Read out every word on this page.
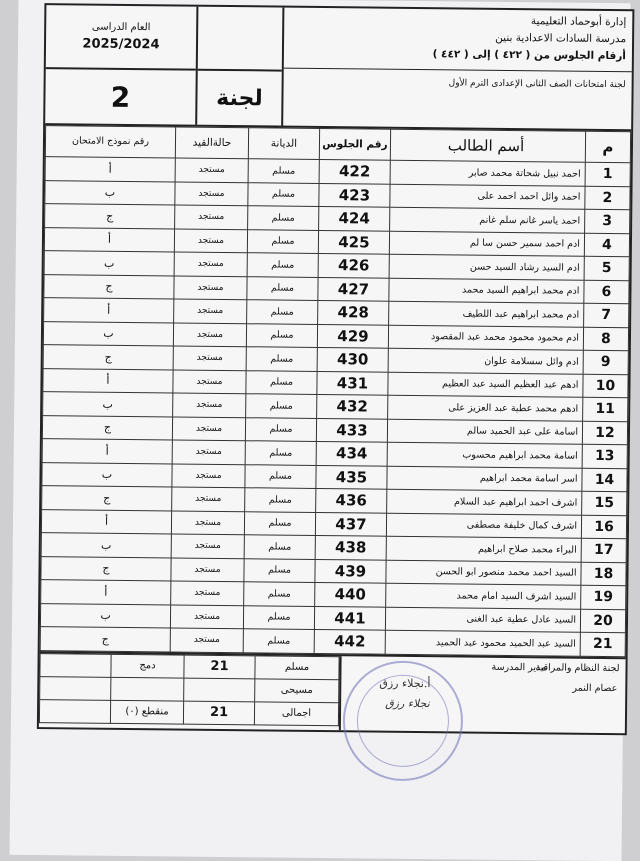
العام الدراسى
2025/2024
2	لجنة
إدارة أبوحماد التعليمية
مدرسة السادات الاعدادية بنين
أرقام الجلوس من ( ٤٢٢ ) إلى ( ٤٤٢ )
لجنة امتحانات الصف الثانى الإعدادى الترم الأول
رقم نموذج الامتحان	حالةالقيد	الديانة	رقم الجلوس	أسم الطالب	م
أ	مستجد	مسلم	422	احمد نبيل شحاتة محمد صابر	1
ب	مستجد	مسلم	423	احمد وائل احمد احمد على	2
ج	مستجد	مسلم	424	احمد ياسر غانم سلم غانم	3
أ	مستجد	مسلم	425	ادم احمد سمير حسن سا لم	4
ب	مستجد	مسلم	426	ادم السيد رشاد السيد حسن	5
ج	مستجد	مسلم	427	ادم محمد ابراهيم السيد محمد	6
أ	مستجد	مسلم	428	ادم محمد ابراهيم عبد اللطيف	7
ب	مستجد	مسلم	429	ادم محمود محمود محمد عبد المقصود	8
ج	مستجد	مسلم	430	ادم وائل سسلامة علوان	9
أ	مستجد	مسلم	431	ادهم عبد العظيم السيد عبد العظيم	10
ب	مستجد	مسلم	432	ادهم محمد عطية عبد العزيز على	11
ج	مستجد	مسلم	433	اسامة على عبد الحميد سالم	12
أ	مستجد	مسلم	434	اسامة محمد ابراهيم محسوب	13
ب	مستجد	مسلم	435	اسر اسامة محمد ابراهيم	14
ج	مستجد	مسلم	436	اشرف احمد ابراهيم عبد السلام	15
أ	مستجد	مسلم	437	اشرف كمال خليفة مصطفى	16
ب	مستجد	مسلم	438	البراء محمد صلاح ابراهيم	17
ج	مستجد	مسلم	439	السيد احمد محمد منصور ابو الحسن	18
أ	مستجد	مسلم	440	السيد اشرف السيد امام محمد	19
ب	مستجد	مسلم	441	السيد عادل عطية عبد الغنى	20
ج	مستجد	مسلم	442	السيد عبد الحميد محمود عبد الحميد	21
	دمج	21	مسلم
			مسيحى
	منقطع (٠)	21	اجمالى
لجنة النظام والمراقبة
مدير المدرسة
عصام النمر
أ.نجلاء رزق
نجلاء رزق
